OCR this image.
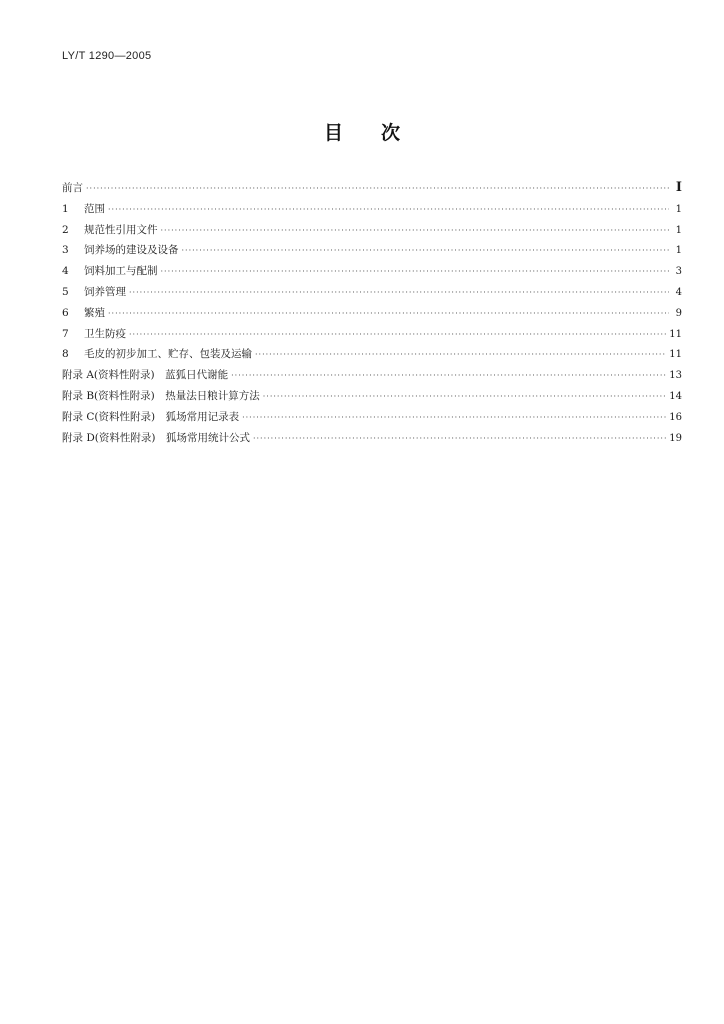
LY/T 1290—2005
目次
前言 ·····	I
1	范围 ·····	1
2	规范性引用文件 ·····	1
3	饲养场的建设及设备 ·····	1
4	饲料加工与配制 ·····	3
5	饲养管理 ·····	4
6	繁殖 ·····	9
7	卫生防疫 ·····	11
8	毛皮的初步加工、贮存、包装及运输 ·····	11
附录 A(资料性附录)　蓝狐日代谢能 ·····	13
附录 B(资料性附录)　热量法日粮计算方法 ·····	14
附录 C(资料性附录)　狐场常用记录表 ·····	16
附录 D(资料性附录)　狐场常用统计公式 ·····	19
